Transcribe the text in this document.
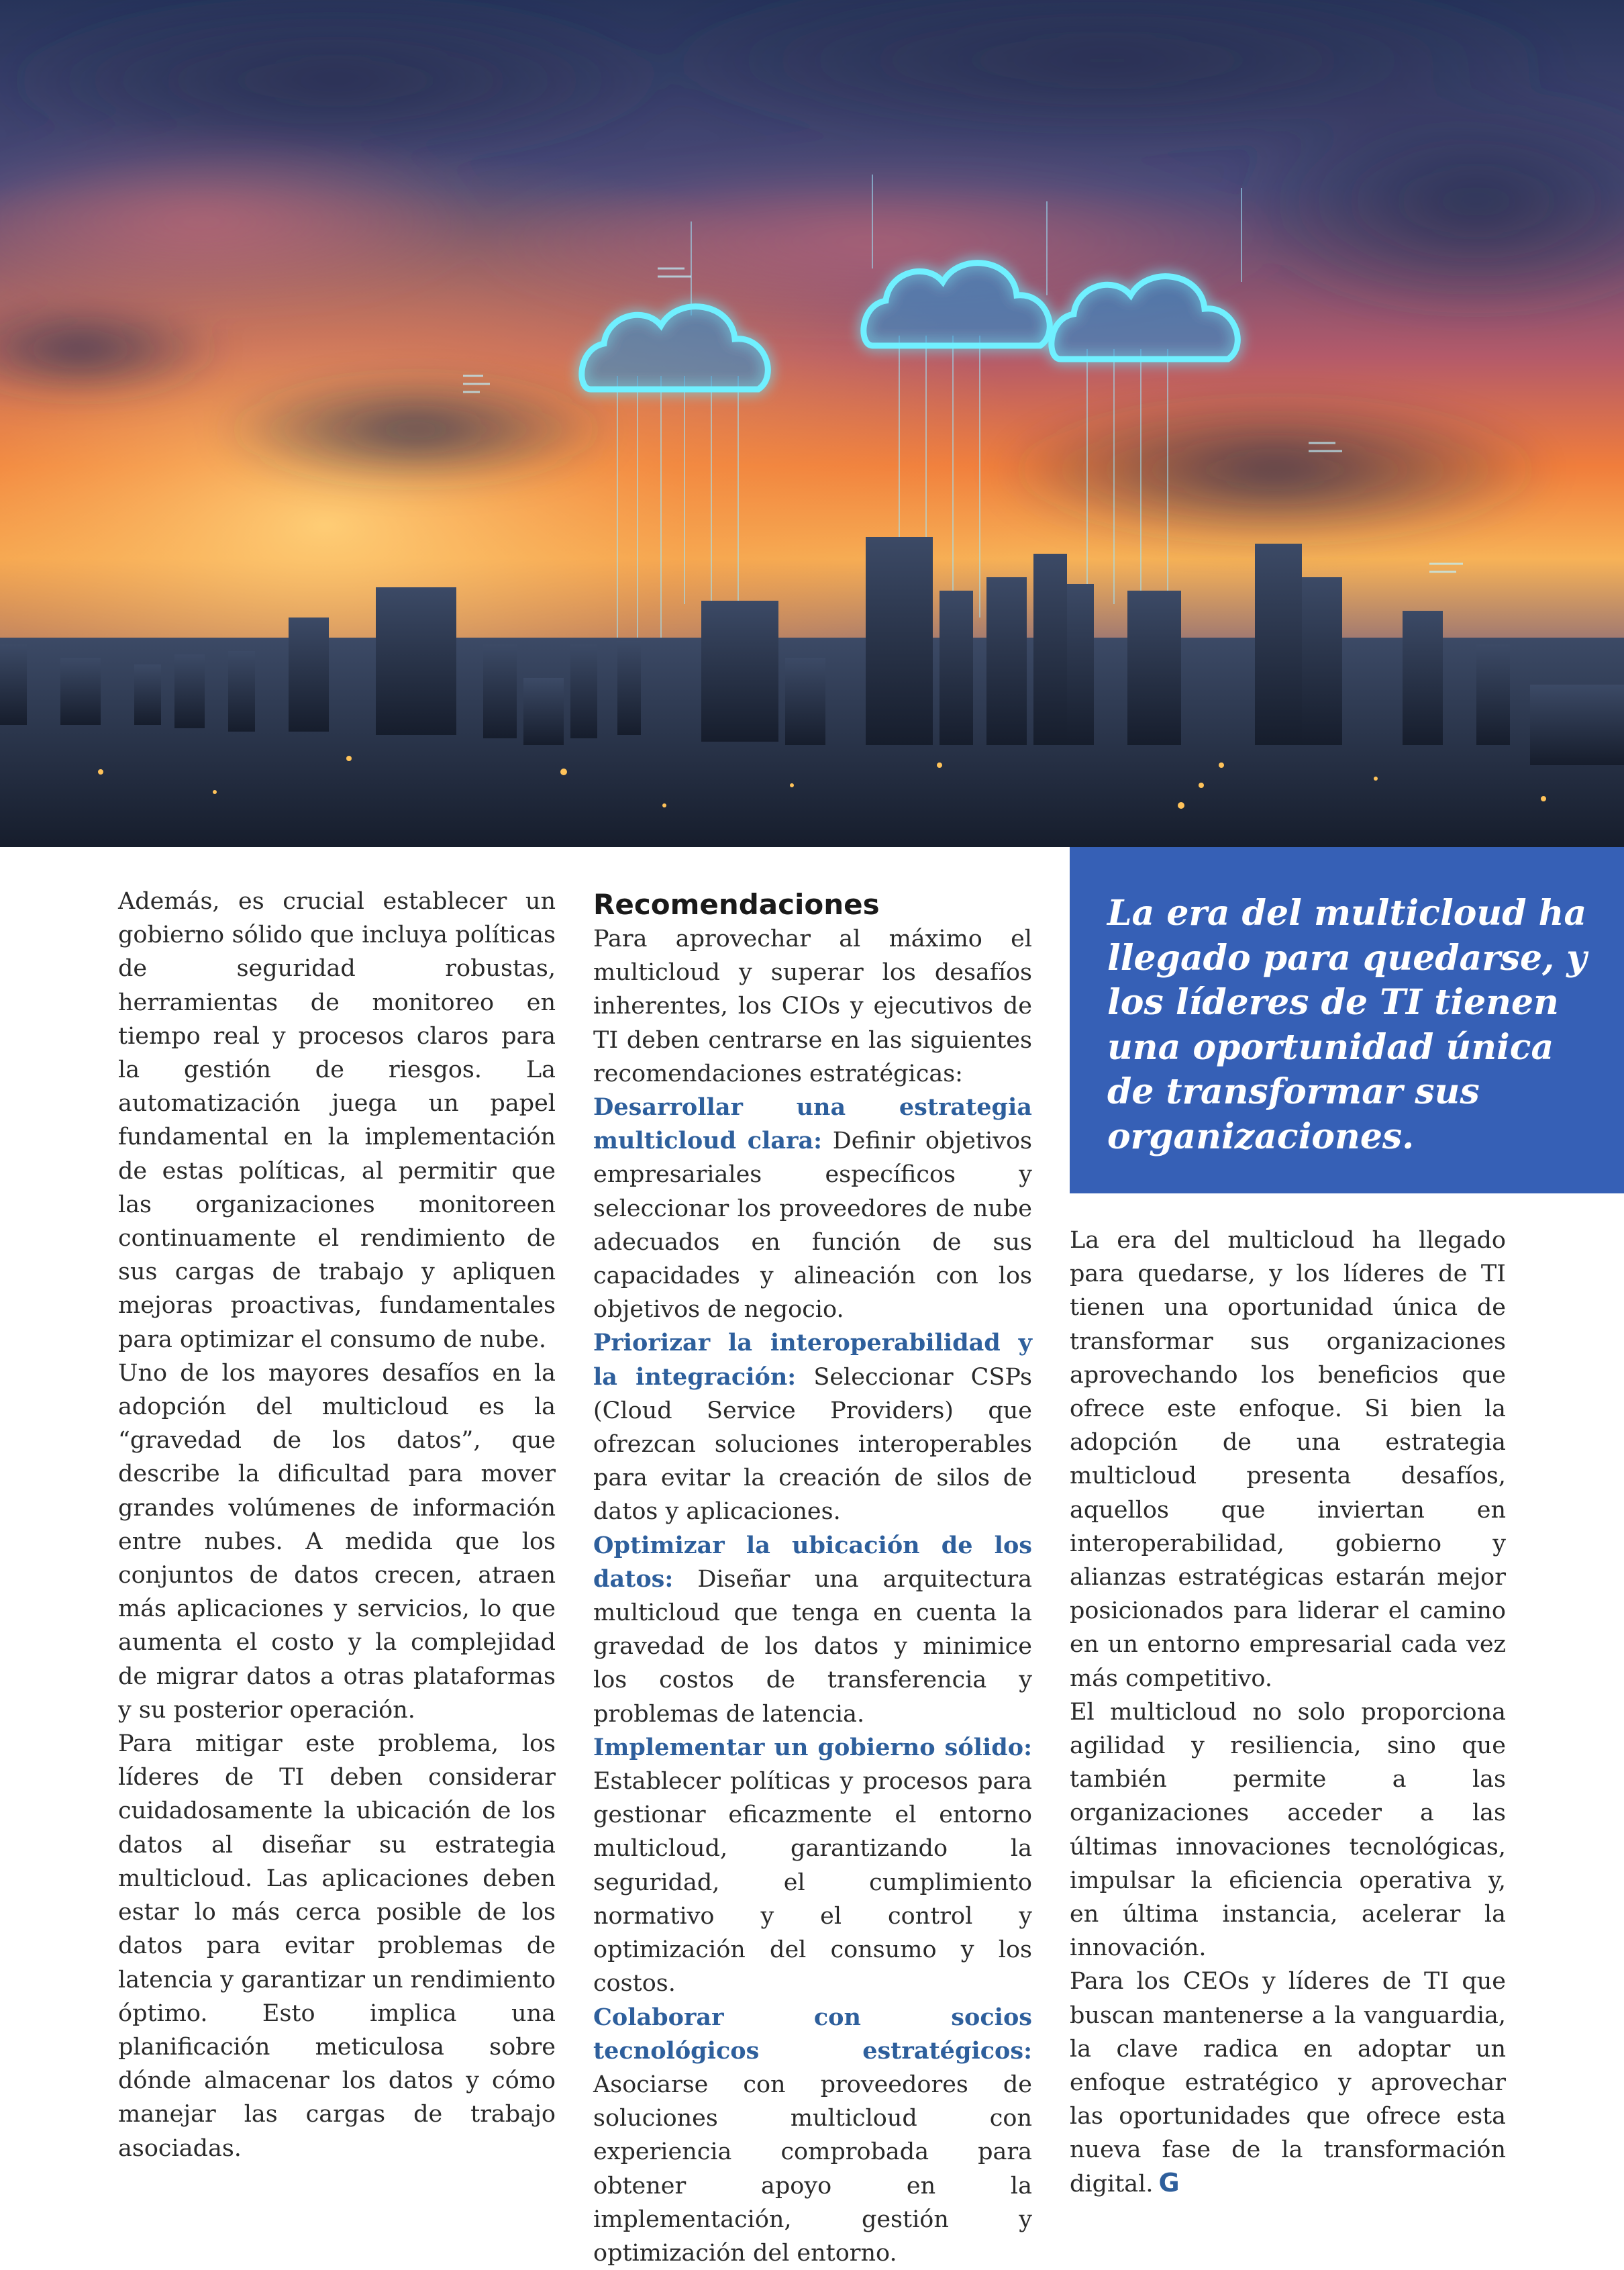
Además, es crucial establecer un gobierno sólido que incluya políticas de seguridad robustas, herramientas de monitoreo en tiempo real y procesos claros para la gestión de riesgos. La automatización juega un papel fundamental en la implementación de estas políticas, al permitir que las organizaciones monitoreen continuamente el rendimiento de sus cargas de trabajo y apliquen mejoras proactivas, fundamentales para optimizar el consumo de nube.

Uno de los mayores desafíos en la adopción del multicloud es la “gravedad de los datos”, que describe la dificultad para mover grandes volúmenes de información entre nubes. A medida que los conjuntos de datos crecen, atraen más aplicaciones y servicios, lo que aumenta el costo y la complejidad de migrar datos a otras plataformas y su posterior operación.

Para mitigar este problema, los líderes de TI deben considerar cuidadosamente la ubicación de los datos al diseñar su estrategia multicloud. Las aplicaciones deben estar lo más cerca posible de los datos para evitar problemas de latencia y garantizar un rendimiento óptimo. Esto implica una planificación meticulosa sobre dónde almacenar los datos y cómo manejar las cargas de trabajo asociadas.

Recomendaciones

Para aprovechar al máximo el multicloud y superar los desafíos inherentes, los CIOs y ejecutivos de TI deben centrarse en las siguientes recomendaciones estratégicas:

Desarrollar una estrategia multicloud clara: Definir objetivos empresariales específicos y seleccionar los proveedores de nube adecuados en función de sus capacidades y alineación con los objetivos de negocio.

Priorizar la interoperabilidad y la integración: Seleccionar CSPs (Cloud Service Providers) que ofrezcan soluciones interoperables para evitar la creación de silos de datos y aplicaciones.

Optimizar la ubicación de los datos: Diseñar una arquitectura multicloud que tenga en cuenta la gravedad de los datos y minimice los costos de transferencia y problemas de latencia.

Implementar un gobierno sólido: Establecer políticas y procesos para gestionar eficazmente el entorno multicloud, garantizando la seguridad, el cumplimiento normativo y el control y optimización del consumo y los costos.

Colaborar con socios tecnológicos estratégicos: Asociarse con proveedores de soluciones multicloud con experiencia comprobada para obtener apoyo en la implementación, gestión y optimización del entorno.

La era del multicloud ha llegado para quedarse, y los líderes de TI tienen una oportunidad única de transformar sus organizaciones.

La era del multicloud ha llegado para quedarse, y los líderes de TI tienen una oportunidad única de transformar sus organizaciones aprovechando los beneficios que ofrece este enfoque. Si bien la adopción de una estrategia multicloud presenta desafíos, aquellos que inviertan en interoperabilidad, gobierno y alianzas estratégicas estarán mejor posicionados para liderar el camino en un entorno empresarial cada vez más competitivo.

El multicloud no solo proporciona agilidad y resiliencia, sino que también permite a las organizaciones acceder a las últimas innovaciones tecnológicas, impulsar la eficiencia operativa y, en última instancia, acelerar la innovación.

Para los CEOs y líderes de TI que buscan mantenerse a la vanguardia, la clave radica en adoptar un enfoque estratégico y aprovechar las oportunidades que ofrece esta nueva fase de la transformación digital. G
